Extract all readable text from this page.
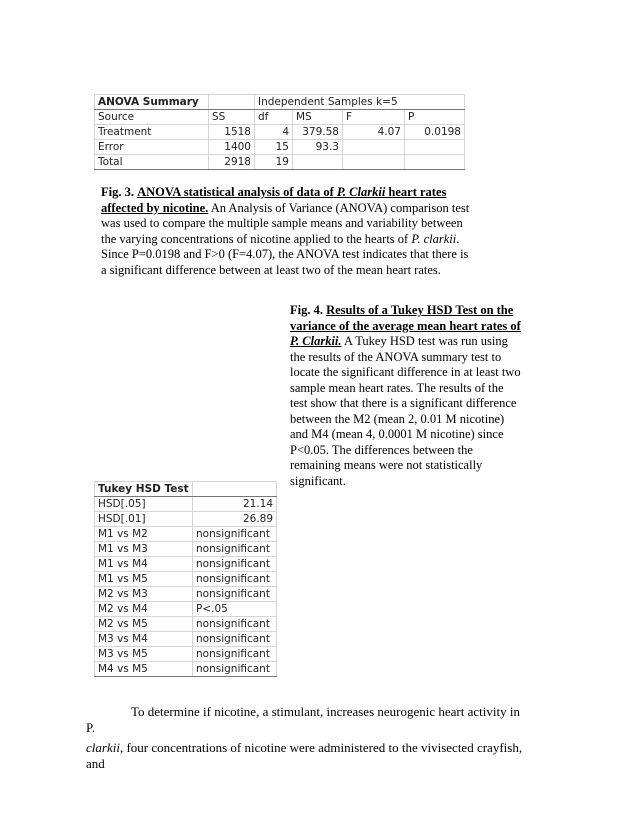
ANOVA Summary		Independent Samples k=5			
Source	SS	df	MS	F	P
Treatment	1518	4	379.58	4.07	0.0198
Error	1400	15	93.3		
Total	2918	19			

Fig. 3. ANOVA statistical analysis of data of P. Clarkii heart rates affected by nicotine. An Analysis of Variance (ANOVA) comparison test was used to compare the multiple sample means and variability between the varying concentrations of nicotine applied to the hearts of P. clarkii. Since P=0.0198 and F>0 (F=4.07), the ANOVA test indicates that there is a significant difference between at least two of the mean heart rates.

Fig. 4. Results of a Tukey HSD Test on the variance of the average mean heart rates of P. Clarkii. A Tukey HSD test was run using the results of the ANOVA summary test to locate the significant difference in at least two sample mean heart rates. The results of the test show that there is a significant difference between the M2 (mean 2, 0.01 M nicotine) and M4 (mean 4, 0.0001 M nicotine) since P<0.05. The differences between the remaining means were not statistically significant.

Tukey HSD Test	
HSD[.05]	21.14
HSD[.01]	26.89
M1 vs M2	nonsignificant
M1 vs M3	nonsignificant
M1 vs M4	nonsignificant
M1 vs M5	nonsignificant
M2 vs M3	nonsignificant
M2 vs M4	P<.05
M2 vs M5	nonsignificant
M3 vs M4	nonsignificant
M3 vs M5	nonsignificant
M4 vs M5	nonsignificant

To determine if nicotine, a stimulant, increases neurogenic heart activity in P.

clarkii, four concentrations of nicotine were administered to the vivisected crayfish, and
